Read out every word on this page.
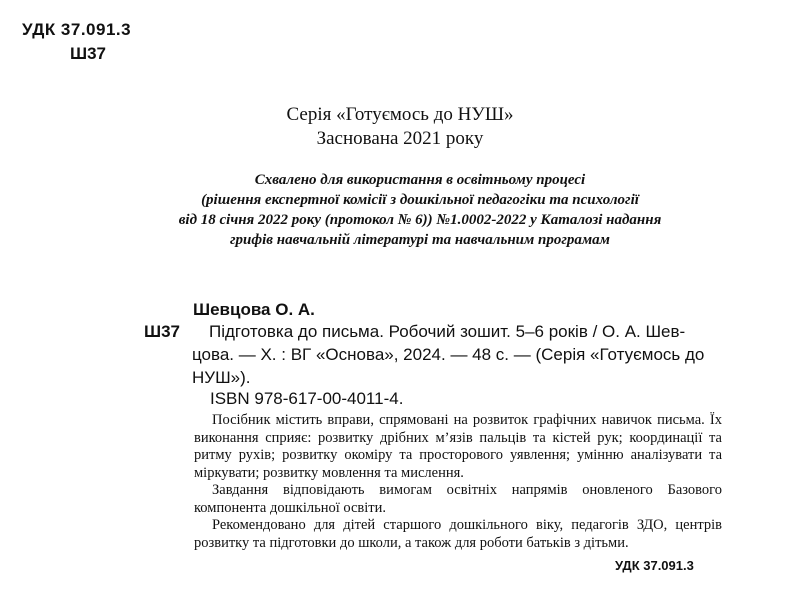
УДК 37.091.3
Ш37
Серія «Готуємось до НУШ»
Заснована 2021 року
Схвалено для використання в освітньому процесі
(рішення експертної комісії з дошкільної педагогіки та психології
від 18 січня 2022 року (протокол № 6)) №1.0002-2022 у Каталозі надання
грифів навчальній літературі та навчальним програмам
Шевцова О. А.
Ш37	Підготовка до письма. Робочий зошит. 5–6 років / О. А. Шев-
цова. — Х. : ВГ «Основа», 2024. — 48 с. — (Серія «Готуємось до
НУШ»).
ISBN 978-617-00-4011-4.

Посібник містить вправи, спрямовані на розвиток графічних навичок письма. Їх виконання сприяє: розвитку дрібних м’язів пальців та кістей рук; координації та ритму рухів; розвитку окоміру та просторового уявлення; умінню аналізувати та міркувати; розвитку мовлення та мислення.

Завдання відповідають вимогам освітніх напрямів оновленого Базового компонента дошкільної освіти.

Рекомендовано для дітей старшого дошкільного віку, педагогів ЗДО, центрів розвитку та підготовки до школи, а також для роботи батьків з дітьми.

УДК 37.091.3
